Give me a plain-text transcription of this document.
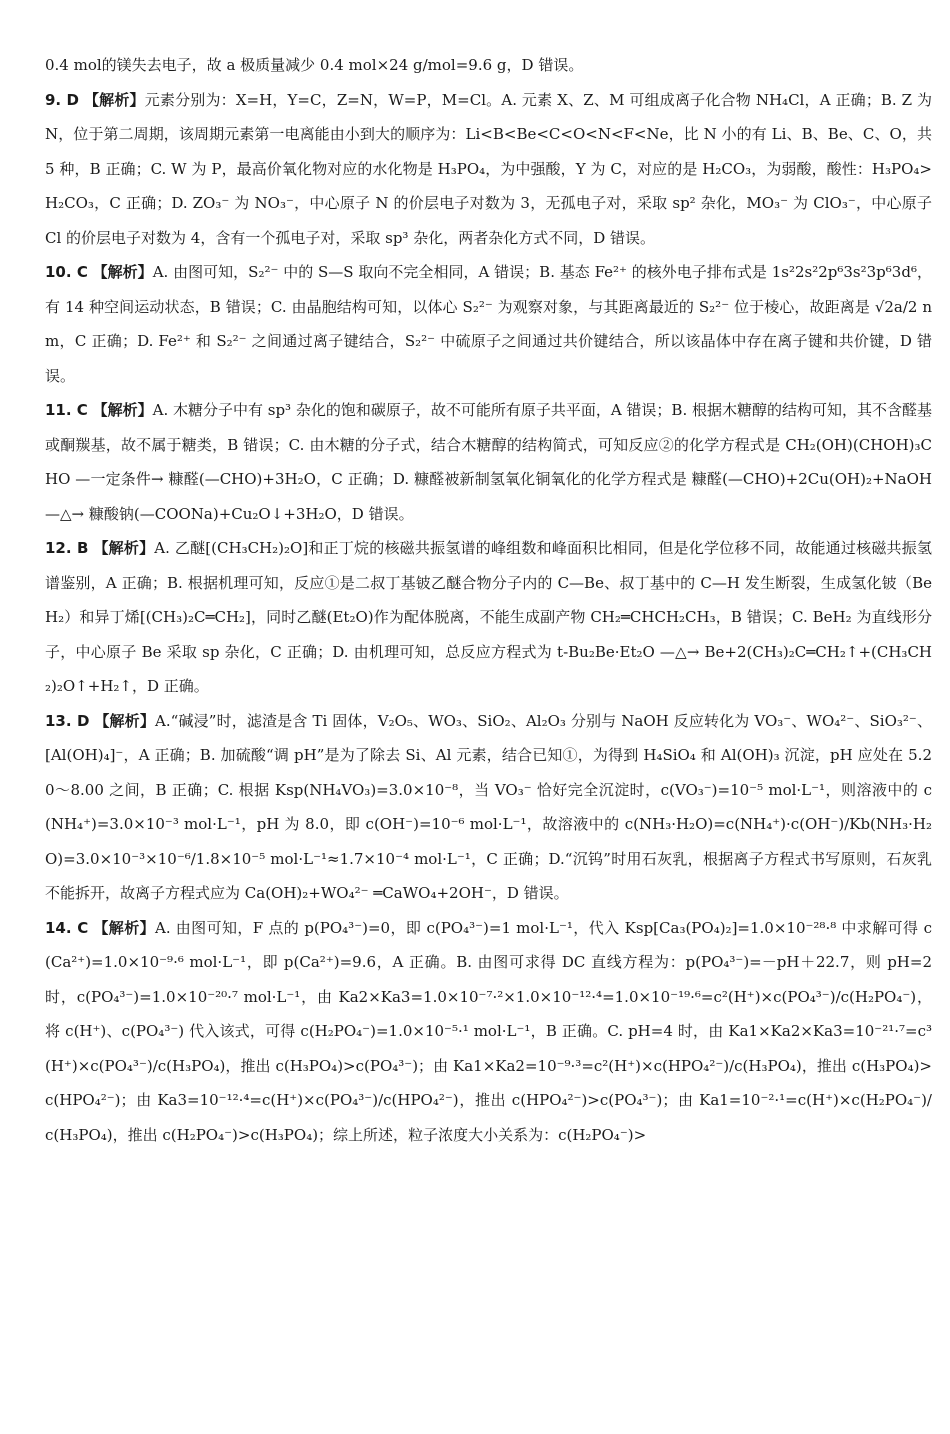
0.4 mol的镁失去电子，故 a 极质量减少 0.4 mol×24 g/mol=9.6 g，D 错误。

9. D 【解析】元素分别为：X=H，Y=C，Z=N，W=P，M=Cl。A. 元素 X、Z、M 可组成离子化合物 NH₄Cl，A 正确；B. Z 为 N，位于第二周期，该周期元素第一电离能由小到大的顺序为：Li<B<Be<C<O<N<F<Ne，比 N 小的有 Li、B、Be、C、O，共 5 种，B 正确；C. W 为 P，最高价氧化物对应的水化物是 H₃PO₄，为中强酸，Y 为 C，对应的是 H₂CO₃，为弱酸，酸性：H₃PO₄>H₂CO₃，C 正确；D. ZO₃⁻ 为 NO₃⁻，中心原子 N 的价层电子对数为 3，无孤电子对，采取 sp² 杂化，MO₃⁻ 为 ClO₃⁻，中心原子 Cl 的价层电子对数为 4，含有一个孤电子对，采取 sp³ 杂化，两者杂化方式不同，D 错误。

10. C 【解析】A. 由图可知，S₂²⁻ 中的 S—S 取向不完全相同，A 错误；B. 基态 Fe²⁺ 的核外电子排布式是 1s²2s²2p⁶3s²3p⁶3d⁶，有 14 种空间运动状态，B 错误；C. 由晶胞结构可知，以体心 S₂²⁻ 为观察对象，与其距离最近的 S₂²⁻ 位于棱心，故距离是 √2a/2 nm，C 正确；D. Fe²⁺ 和 S₂²⁻ 之间通过离子键结合，S₂²⁻ 中硫原子之间通过共价键结合，所以该晶体中存在离子键和共价键，D 错误。

11. C 【解析】A. 木糖分子中有 sp³ 杂化的饱和碳原子，故不可能所有原子共平面，A 错误；B. 根据木糖醇的结构可知，其不含醛基或酮羰基，故不属于糖类，B 错误；C. 由木糖的分子式，结合木糖醇的结构简式，可知反应②的化学方程式是 CH₂(OH)(CHOH)₃CHO —一定条件→ 糠醛(—CHO)+3H₂O，C 正确；D. 糠醛被新制氢氧化铜氧化的化学方程式是 糠醛(—CHO)+2Cu(OH)₂+NaOH —△→ 糠酸钠(—COONa)+Cu₂O↓+3H₂O，D 错误。

12. B 【解析】A. 乙醚[(CH₃CH₂)₂O]和正丁烷的核磁共振氢谱的峰组数和峰面积比相同，但是化学位移不同，故能通过核磁共振氢谱鉴别，A 正确；B. 根据机理可知，反应①是二叔丁基铍乙醚合物分子内的 C—Be、叔丁基中的 C—H 发生断裂，生成氢化铍（BeH₂）和异丁烯[(CH₃)₂C═CH₂]，同时乙醚(Et₂O)作为配体脱离，不能生成副产物 CH₂═CHCH₂CH₃，B 错误；C. BeH₂ 为直线形分子，中心原子 Be 采取 sp 杂化，C 正确；D. 由机理可知，总反应方程式为 t-Bu₂Be·Et₂O —△→ Be+2(CH₃)₂C═CH₂↑+(CH₃CH₂)₂O↑+H₂↑，D 正确。

13. D 【解析】A.“碱浸”时，滤渣是含 Ti 固体，V₂O₅、WO₃、SiO₂、Al₂O₃ 分别与 NaOH 反应转化为 VO₃⁻、WO₄²⁻、SiO₃²⁻、[Al(OH)₄]⁻，A 正确；B. 加硫酸“调 pH”是为了除去 Si、Al 元素，结合已知①，为得到 H₄SiO₄ 和 Al(OH)₃ 沉淀，pH 应处在 5.20～8.00 之间，B 正确；C. 根据 Ksp(NH₄VO₃)=3.0×10⁻⁸，当 VO₃⁻ 恰好完全沉淀时，c(VO₃⁻)=10⁻⁵ mol·L⁻¹，则溶液中的 c(NH₄⁺)=3.0×10⁻³ mol·L⁻¹，pH 为 8.0，即 c(OH⁻)=10⁻⁶ mol·L⁻¹，故溶液中的 c(NH₃·H₂O)=c(NH₄⁺)·c(OH⁻)/Kb(NH₃·H₂O)=3.0×10⁻³×10⁻⁶/1.8×10⁻⁵ mol·L⁻¹≈1.7×10⁻⁴ mol·L⁻¹，C 正确；D.“沉钨”时用石灰乳，根据离子方程式书写原则，石灰乳不能拆开，故离子方程式应为 Ca(OH)₂+WO₄²⁻ ═CaWO₄+2OH⁻，D 错误。

14. C 【解析】A. 由图可知，F 点的 p(PO₄³⁻)=0，即 c(PO₄³⁻)=1 mol·L⁻¹，代入 Ksp[Ca₃(PO₄)₂]=1.0×10⁻²⁸·⁸ 中求解可得 c(Ca²⁺)=1.0×10⁻⁹·⁶ mol·L⁻¹，即 p(Ca²⁺)=9.6，A 正确。B. 由图可求得 DC 直线方程为：p(PO₄³⁻)=－pH＋22.7，则 pH=2 时，c(PO₄³⁻)=1.0×10⁻²⁰·⁷ mol·L⁻¹，由 Ka2×Ka3=1.0×10⁻⁷·²×1.0×10⁻¹²·⁴=1.0×10⁻¹⁹·⁶=c²(H⁺)×c(PO₄³⁻)/c(H₂PO₄⁻)，将 c(H⁺)、c(PO₄³⁻) 代入该式，可得 c(H₂PO₄⁻)=1.0×10⁻⁵·¹ mol·L⁻¹，B 正确。C. pH=4 时，由 Ka1×Ka2×Ka3=10⁻²¹·⁷=c³(H⁺)×c(PO₄³⁻)/c(H₃PO₄)，推出 c(H₃PO₄)>c(PO₄³⁻)；由 Ka1×Ka2=10⁻⁹·³=c²(H⁺)×c(HPO₄²⁻)/c(H₃PO₄)，推出 c(H₃PO₄)>c(HPO₄²⁻)；由 Ka3=10⁻¹²·⁴=c(H⁺)×c(PO₄³⁻)/c(HPO₄²⁻)，推出 c(HPO₄²⁻)>c(PO₄³⁻)；由 Ka1=10⁻²·¹=c(H⁺)×c(H₂PO₄⁻)/c(H₃PO₄)，推出 c(H₂PO₄⁻)>c(H₃PO₄)；综上所述，粒子浓度大小关系为：c(H₂PO₄⁻)>
